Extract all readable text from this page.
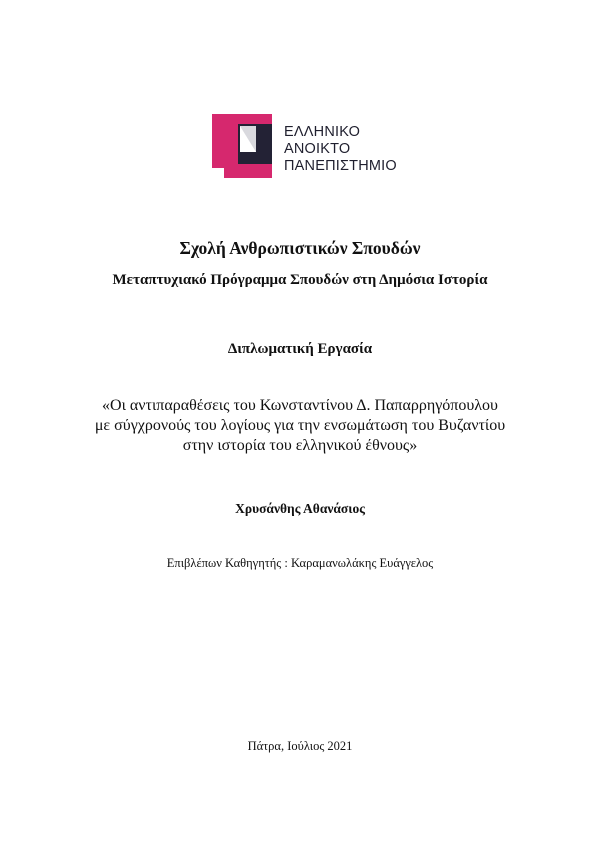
ΕΛΛΗΝΙΚΟ
ΑΝΟΙΚΤΟ
ΠΑΝΕΠΙΣΤΗΜΙΟ
Σχολή Ανθρωπιστικών Σπουδών
Μεταπτυχιακό Πρόγραμμα Σπουδών στη Δημόσια Ιστορία
Διπλωματική Εργασία
«Οι αντιπαραθέσεις του Κωνσταντίνου Δ. Παπαρρηγόπουλου
με σύγχρονούς του λογίους για την ενσωμάτωση του Βυζαντίου
στην ιστορία του ελληνικού έθνους»
Χρυσάνθης Αθανάσιος
Επιβλέπων Καθηγητής : Καραμανωλάκης Ευάγγελος
Πάτρα, Ιούλιος 2021
